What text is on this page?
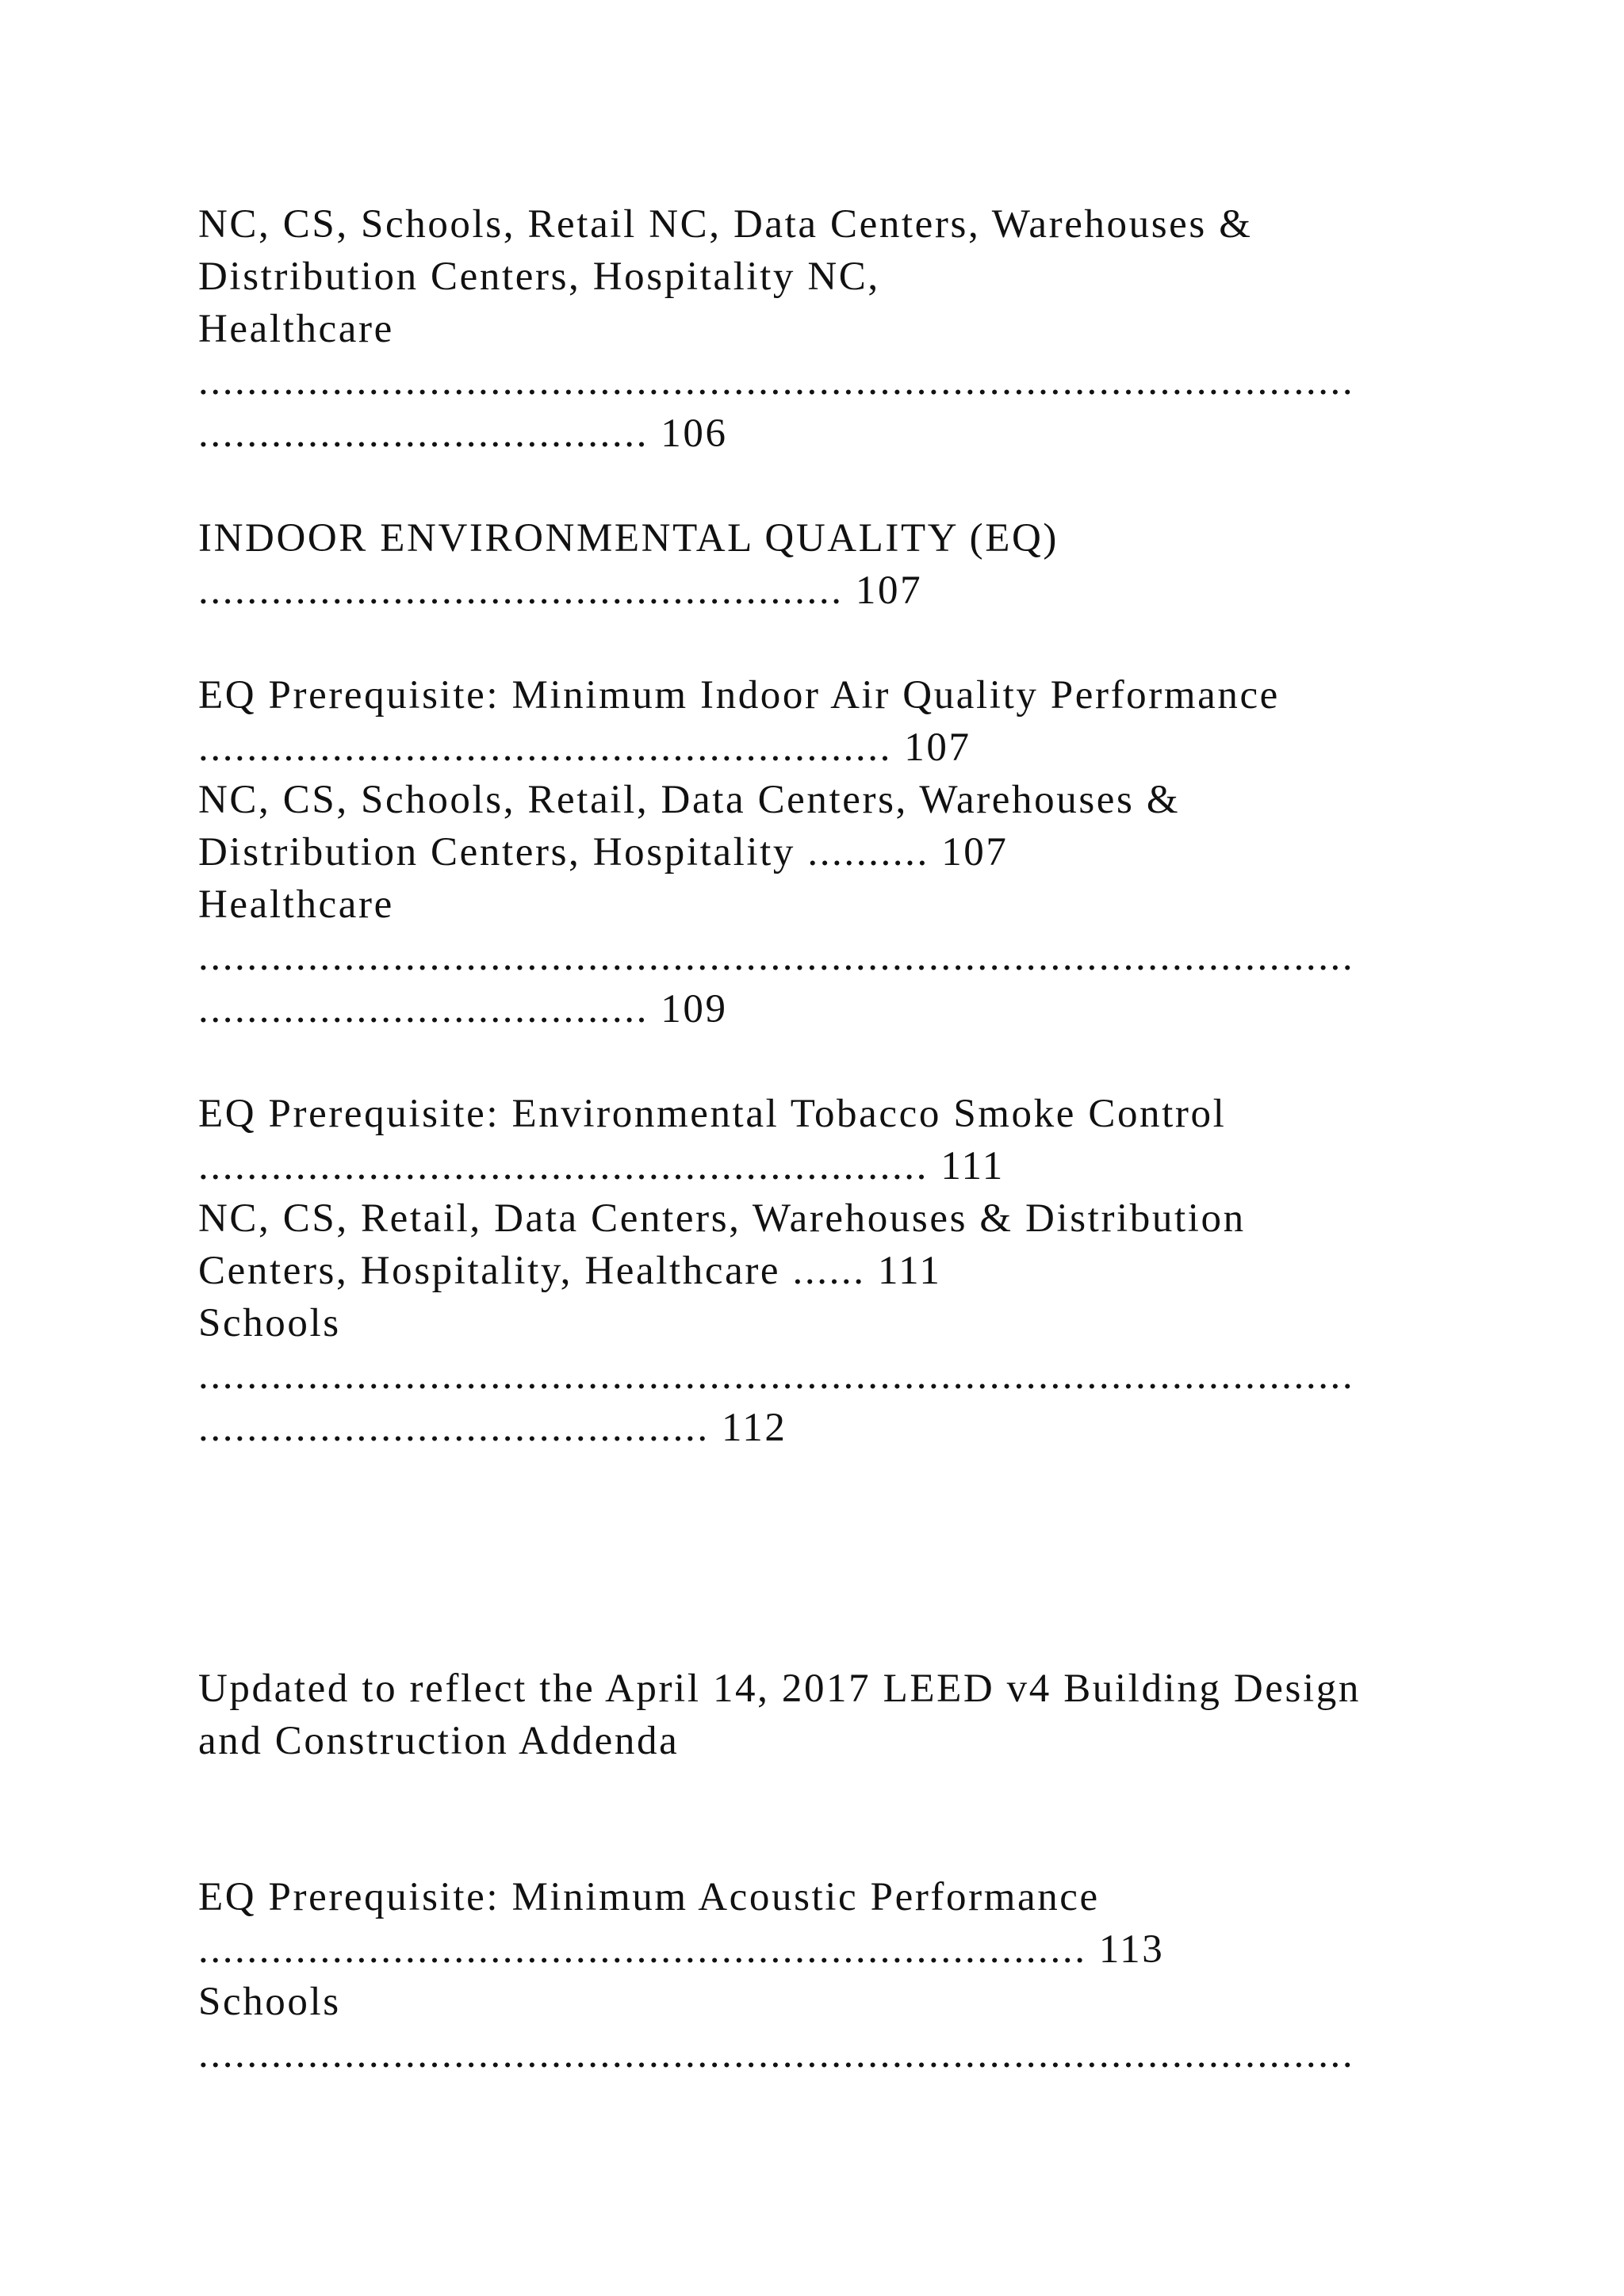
NC, CS, Schools, Retail NC, Data Centers, Warehouses &
Distribution Centers, Hospitality NC,
Healthcare
...............................................................................................
..................................... 106
INDOOR ENVIRONMENTAL QUALITY (EQ)
..................................................... 107
EQ Prerequisite: Minimum Indoor Air Quality Performance
......................................................... 107
NC, CS, Schools, Retail, Data Centers, Warehouses &
Distribution Centers, Hospitality .......... 107
Healthcare
...............................................................................................
..................................... 109
EQ Prerequisite: Environmental Tobacco Smoke Control
............................................................ 111
NC, CS, Retail, Data Centers, Warehouses & Distribution
Centers, Hospitality, Healthcare ...... 111
Schools
...............................................................................................
.......................................... 112
Updated to reflect the April 14, 2017 LEED v4 Building Design
and Construction Addenda
EQ Prerequisite: Minimum Acoustic Performance
......................................................................... 113
Schools
...............................................................................................
